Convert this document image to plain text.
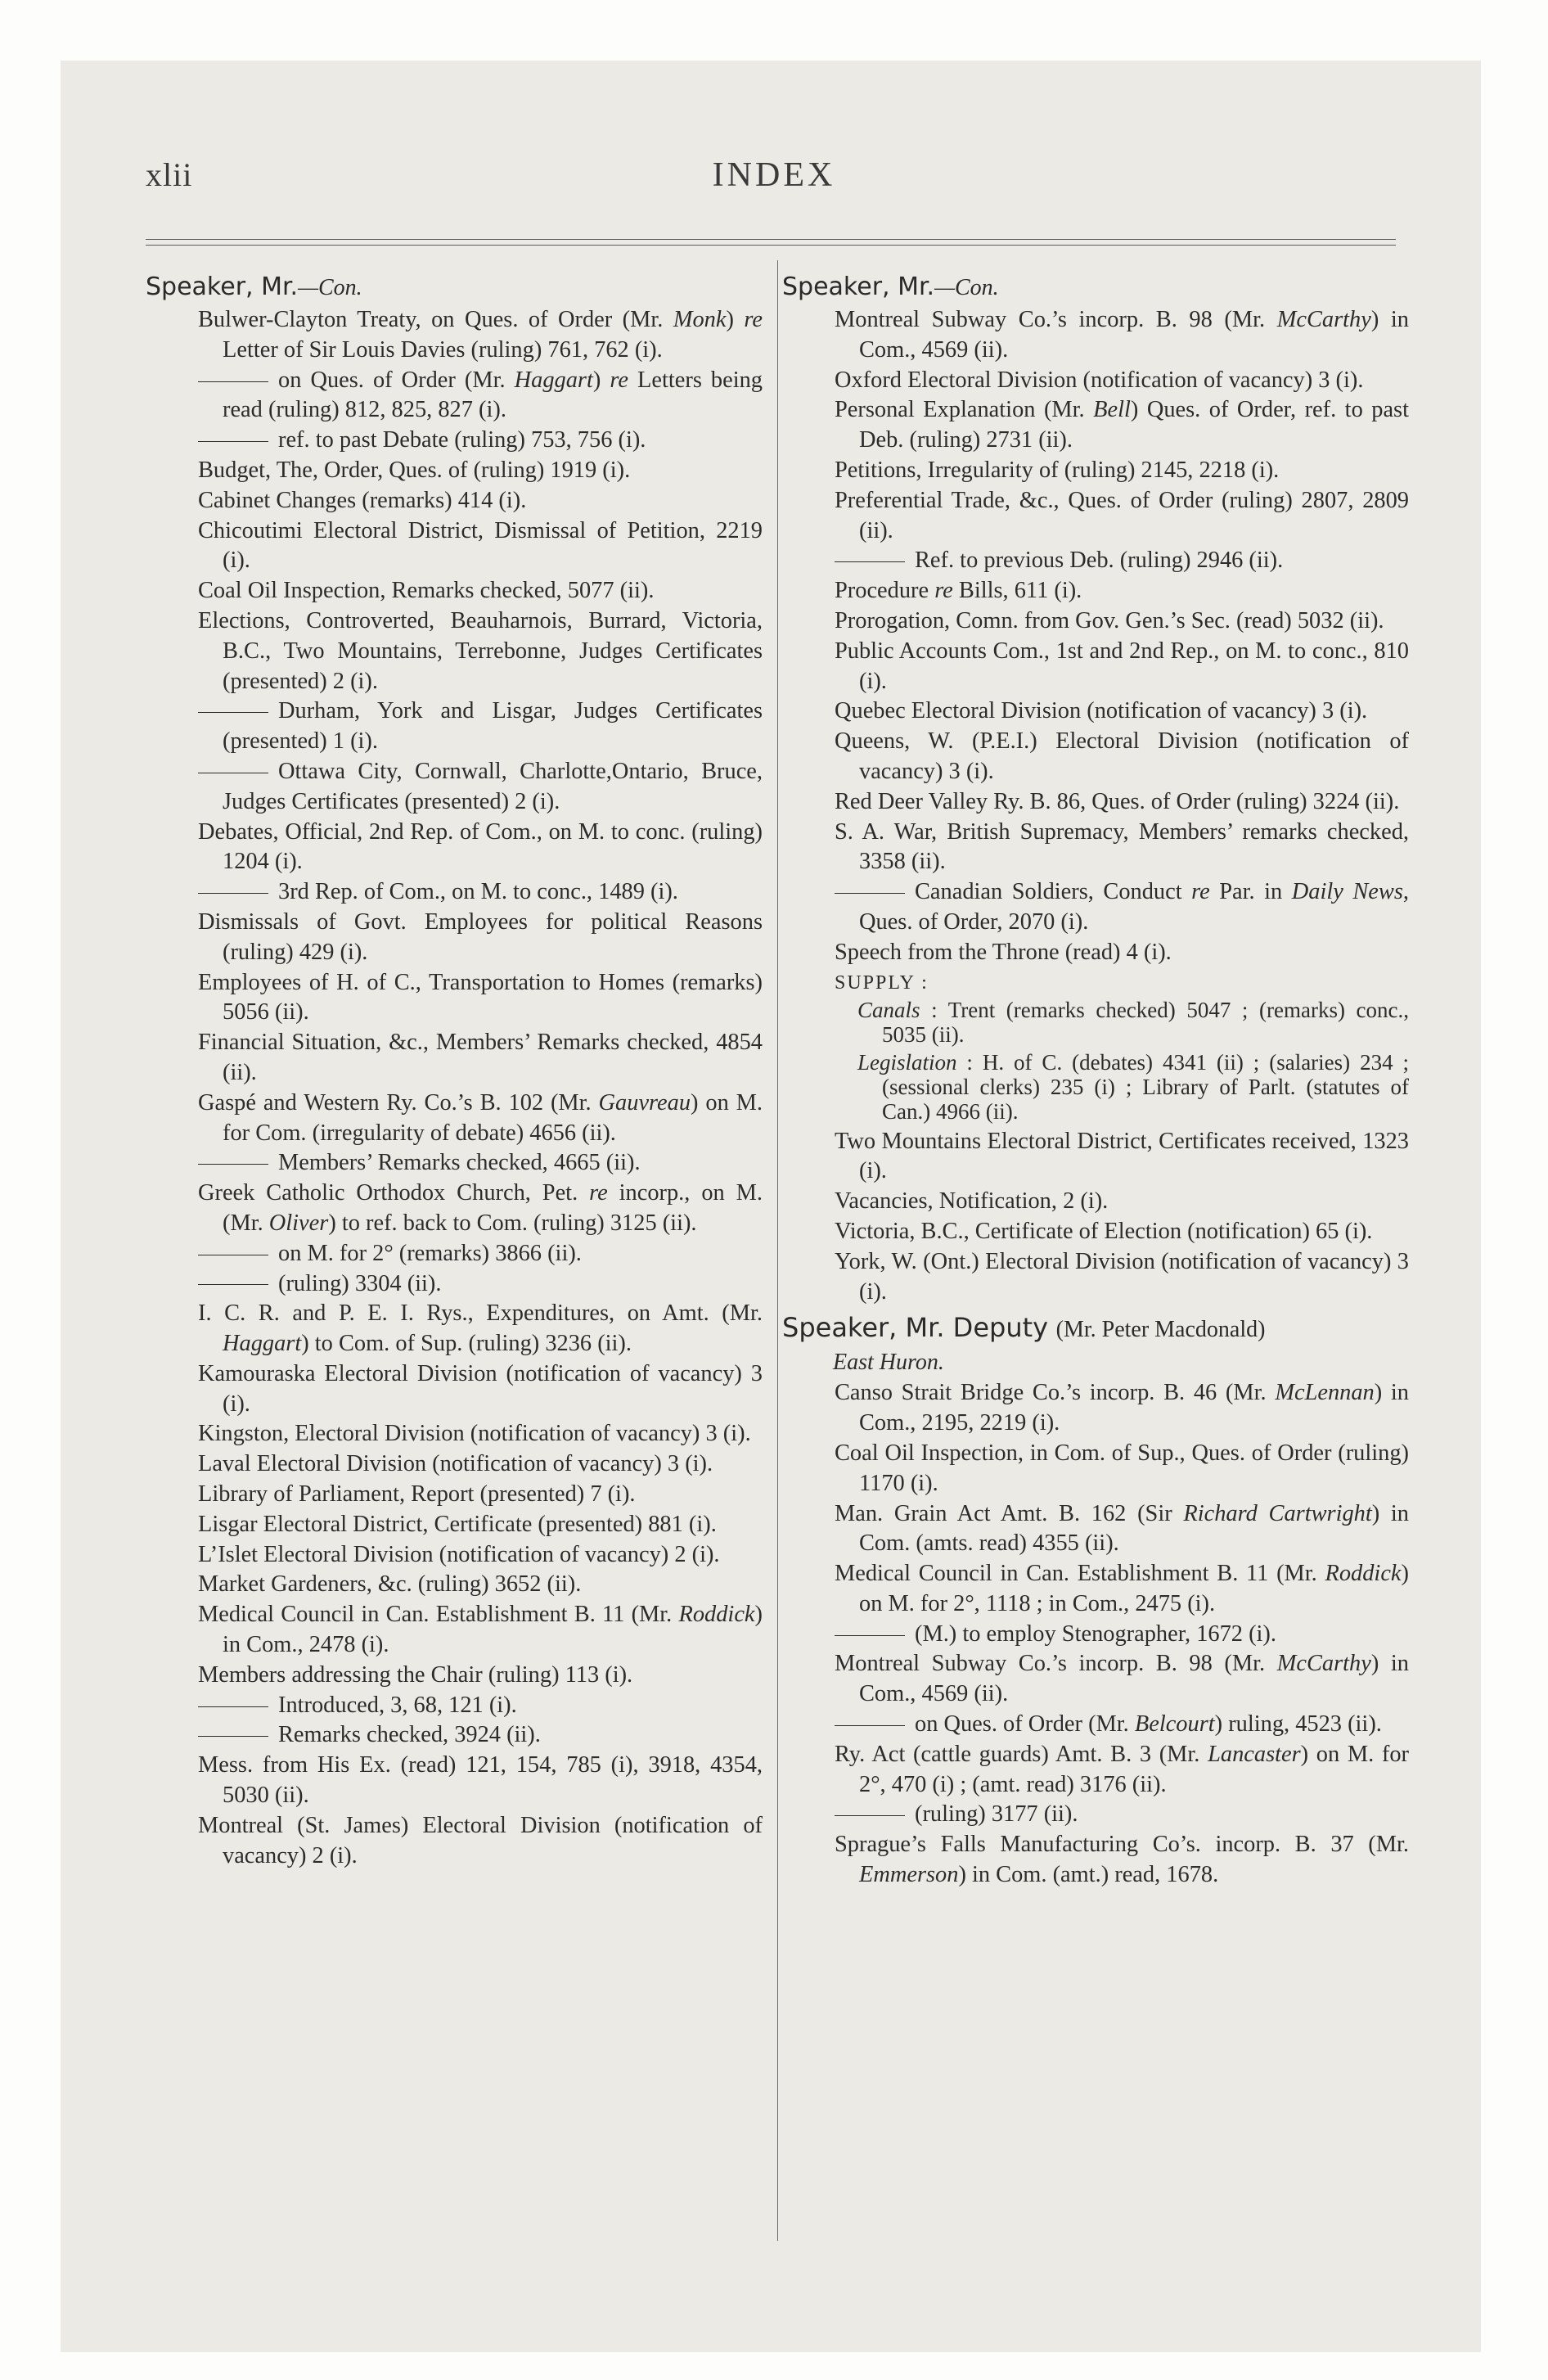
xlii	INDEX
Speaker, Mr.—Con.
Bulwer-Clayton Treaty, on Ques. of Order (Mr. Monk) re Letter of Sir Louis Davies (ruling) 761, 762 (i).
on Ques. of Order (Mr. Haggart) re Letters being read (ruling) 812, 825, 827 (i).
ref. to past Debate (ruling) 753, 756 (i).
Budget, The, Order, Ques. of (ruling) 1919 (i).
Cabinet Changes (remarks) 414 (i).
Chicoutimi Electoral District, Dismissal of Petition, 2219 (i).
Coal Oil Inspection, Remarks checked, 5077 (ii).
Elections, Controverted, Beauharnois, Burrard, Victoria, B.C., Two Mountains, Terrebonne, Judges Certificates (presented) 2 (i).
Durham, York and Lisgar, Judges Certificates (presented) 1 (i).
Ottawa City, Cornwall, Charlotte,Ontario, Bruce, Judges Certificates (presented) 2 (i).
Debates, Official, 2nd Rep. of Com., on M. to conc. (ruling) 1204 (i).
3rd Rep. of Com., on M. to conc., 1489 (i).
Dismissals of Govt. Employees for political Reasons (ruling) 429 (i).
Employees of H. of C., Transportation to Homes (remarks) 5056 (ii).
Financial Situation, &c., Members’ Remarks checked, 4854 (ii).
Gaspé and Western Ry. Co.’s B. 102 (Mr. Gauvreau) on M. for Com. (irregularity of debate) 4656 (ii).
Members’ Remarks checked, 4665 (ii).
Greek Catholic Orthodox Church, Pet. re incorp., on M. (Mr. Oliver) to ref. back to Com. (ruling) 3125 (ii).
on M. for 2° (remarks) 3866 (ii).
(ruling) 3304 (ii).
I. C. R. and P. E. I. Rys., Expenditures, on Amt. (Mr. Haggart) to Com. of Sup. (ruling) 3236 (ii).
Kamouraska Electoral Division (notification of vacancy) 3 (i).
Kingston, Electoral Division (notification of vacancy) 3 (i).
Laval Electoral Division (notification of vacancy) 3 (i).
Library of Parliament, Report (presented) 7 (i).
Lisgar Electoral District, Certificate (presented) 881 (i).
L’Islet Electoral Division (notification of vacancy) 2 (i).
Market Gardeners, &c. (ruling) 3652 (ii).
Medical Council in Can. Establishment B. 11 (Mr. Roddick) in Com., 2478 (i).
Members addressing the Chair (ruling) 113 (i).
Introduced, 3, 68, 121 (i).
Remarks checked, 3924 (ii).
Mess. from His Ex. (read) 121, 154, 785 (i), 3918, 4354, 5030 (ii).
Montreal (St. James) Electoral Division (notification of vacancy) 2 (i).
Speaker, Mr.—Con.
Montreal Subway Co.’s incorp. B. 98 (Mr. McCarthy) in Com., 4569 (ii).
Oxford Electoral Division (notification of vacancy) 3 (i).
Personal Explanation (Mr. Bell) Ques. of Order, ref. to past Deb. (ruling) 2731 (ii).
Petitions, Irregularity of (ruling) 2145, 2218 (i).
Preferential Trade, &c., Ques. of Order (ruling) 2807, 2809 (ii).
Ref. to previous Deb. (ruling) 2946 (ii).
Procedure re Bills, 611 (i).
Prorogation, Comn. from Gov. Gen.’s Sec. (read) 5032 (ii).
Public Accounts Com., 1st and 2nd Rep., on M. to conc., 810 (i).
Quebec Electoral Division (notification of vacancy) 3 (i).
Queens, W. (P.E.I.) Electoral Division (notification of vacancy) 3 (i).
Red Deer Valley Ry. B. 86, Ques. of Order (ruling) 3224 (ii).
S. A. War, British Supremacy, Members’ remarks checked, 3358 (ii).
Canadian Soldiers, Conduct re Par. in Daily News, Ques. of Order, 2070 (i).
Speech from the Throne (read) 4 (i).
SUPPLY :
Canals : Trent (remarks checked) 5047 ; (remarks) conc., 5035 (ii).
Legislation : H. of C. (debates) 4341 (ii) ; (salaries) 234 ; (sessional clerks) 235 (i) ; Library of Parlt. (statutes of Can.) 4966 (ii).
Two Mountains Electoral District, Certificates received, 1323 (i).
Vacancies, Notification, 2 (i).
Victoria, B.C., Certificate of Election (notification) 65 (i).
York, W. (Ont.) Electoral Division (notification of vacancy) 3 (i).
Speaker, Mr. Deputy (Mr. Peter Macdonald)
East Huron.
Canso Strait Bridge Co.’s incorp. B. 46 (Mr. McLennan) in Com., 2195, 2219 (i).
Coal Oil Inspection, in Com. of Sup., Ques. of Order (ruling) 1170 (i).
Man. Grain Act Amt. B. 162 (Sir Richard Cartwright) in Com. (amts. read) 4355 (ii).
Medical Council in Can. Establishment B. 11 (Mr. Roddick) on M. for 2°, 1118 ; in Com., 2475 (i).
(M.) to employ Stenographer, 1672 (i).
Montreal Subway Co.’s incorp. B. 98 (Mr. McCarthy) in Com., 4569 (ii).
on Ques. of Order (Mr. Belcourt) ruling, 4523 (ii).
Ry. Act (cattle guards) Amt. B. 3 (Mr. Lancaster) on M. for 2°, 470 (i) ; (amt. read) 3176 (ii).
(ruling) 3177 (ii).
Sprague’s Falls Manufacturing Co’s. incorp. B. 37 (Mr. Emmerson) in Com. (amt.) read, 1678.
